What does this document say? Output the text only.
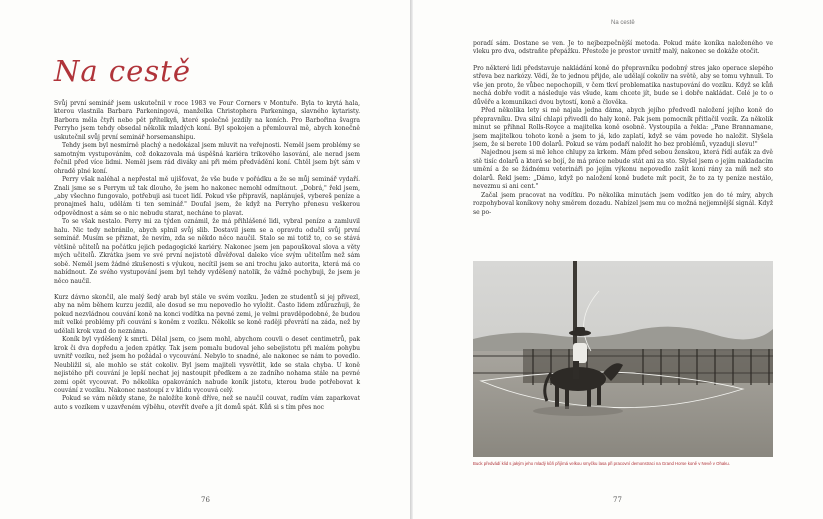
Na cestě

Svůj první seminář jsem uskutečnil v roce 1983 ve Four Corners v Montuře. Byla to krytá hala, kterou vlastnila Barbara Parkeningová, manželka Christophera Parkeninga, slavného kytaristy. Barbora měla čtyři nebo pět přítelkyň, které společně jezdily na koních. Pro Barbořina švagra Perryho jsem tehdy obsedal několik mladých koní. Byl spokojen a přemlouval mě, abych konečně uskutečnil svůj první seminář horsemanshipu.

Tehdy jsem byl nesmírně plachý a nedokázal jsem mluvit na veřejnosti. Neměl jsem problémy se samotným vystupováním, což dokazovala má úspěšná kariéra trikového lasování, ale nerad jsem řečnil před více lidmi. Neměl jsem rád diváky ani při mém předvádění koní. Chtěl jsem být sám v ohradě plné koní.

Perry však naléhal a nepřestal mě ujišťovat, že vše bude v pořádku a že se můj seminář vydaří. Znali jsme se s Perrym už tak dlouho, že jsem ho nakonec nemohl odmítnout. „Dobrá," řekl jsem, „aby všechno fungovalo, potřebuji asi tucet lidí. Pokud vše připravíš, naplánuješ, vybereš peníze a pronajmeš halu, udělám ti ten seminář." Doufal jsem, že když na Perryho přenesu veškerou odpovědnost a sám se o nic nebudu starat, necháne to plavat.

To se však nestalo. Perry mi za týden oznámil, že má přihlášené lidi, vybral peníze a zamluvil halu. Nic tedy nebránilo, abych splnil svůj slib. Dostavil jsem se a opravdu odučil svůj první seminář. Musím se přiznat, že nevím, zda se někdo něco naučil. Stalo se mi totiž to, co se stává většině učitelů na počátku jejich pedagogické kariéry. Nakonec jsem jen papouškoval slova a věty mých učitelů. Zkrátka jsem ve své první nejistotě důvěřoval daleko více svým učitelům než sám sobě. Neměl jsem žádné zkušenosti s výukou, necítil jsem se ani trochu jako autorita, která má co nabídnout. Ze svého vystupování jsem byl tehdy vyděšený natolik, že vážně pochybuji, že jsem je něco naučil.

Kurz dávno skončil, ale malý šedý arab byl stále ve svém vozíku. Jeden ze studentů si jej přivezl, aby na něm během kurzu jezdil, ale dosud se mu nepovedlo ho vyložit. Často lidem zdůrazňuji, že pokud nezvládnou couvání koně na konci vodítka na pevné zemi, je velmi pravděpodobné, že budou mít velké problémy při couvání s koněm z vozíku. Několik se koně raději převrátí na záda, než by udělali krok vzad do neznáma.

Koník byl vyděšený k smrti. Dělal jsem, co jsem mohl, abychom couvli o deset centimetrů, pak krok či dva dopředu a jeden zpátky. Tak jsem pomalu budoval jeho sebejistotu při malém pohybu uvnitř vozíku, než jsem ho požádal o vycouvání. Nebylo to snadné, ale nakonec se nám to povedlo. Neubližil si, ale mohlo se stát cokoliv. Byl jsem majiteli vysvětlit, kde se stala chyba. U koně nejistého při couvání je lepší nechat jej nastoupit předkem a ze zadního nohama stále na pevné zemi opět vycouvat. Po několika opakováních nabude koník jistotu, kterou bude potřebovat k couvání z vozíku. Nakonec nastoupí z v klidu vycouvá celý.

Pokud se vám někdy stane, že naložíte koně dříve, než se naučil couvat, radím vám zaparkovat auto s vozíkem v uzavřeném výběhu, otevřít dveře a jít domů spát. Kůň si s tím přes noc

76
Na cestě

poradí sám. Dostane se ven. Je to nejbezpečnější metoda. Pokud máte koníka naloženého ve vleku pro dva, odstraňte přepážku. Přestože je prostor uvnitř malý, nakonec se dokáže otočit.

Pro některé lidi představuje nakládání koně do přepravníku podobný stres jako operace slepého střeva bez narkózy. Vědí, že to jednou přijde, ale udělají cokoliv na světě, aby se tomu vyhnuli. To vše jen proto, že vůbec nepochopili, v čem tkví problematika nastupování do vozíku. Když se kůň nechá dobře vodit a následuje vás všude, kam chcete jít, bude se i dobře nakládat. Celé je to o důvěře a komunikaci dvou bytostí, koně a člověka.

Před několika lety si mě najala jedna dáma, abych jejího předvedl naložení jejího koně do přepravníku. Dva silní chlapi přivedli do haly koně. Pak jsem pomocník přitlačil vozík. Za několik minut se přihnal Rolls-Royce a majitelka koně osobně. Vystoupila a řekla: „Pane Brannamane, jsem majitelkou tohoto koně a jsem to já, kdo zaplatí, když se vám povede ho naložit. Slyšela jsem, že si berete 100 dolarů. Pokud se vám podaří naložit ho bez problémů, vyzaduji slevu!"

Najednou jsem si mě lehce chlupy za krkem. Mám před sebou ženskou, která řídí auťák za dvě stě tisíc dolarů a která se bojí, že má práce nebude stát ani za sto. Slyšel jsem o jejím nakladacím umění a že se žádnému veterináři po jejím výkonu nepovedlo zašít koni rány za míň než sto dolarů. Řekl jsem: „Dámo, když po naložení koně budete mít pocit, že to za ty peníze nestálo, nevezmu si ani cent."

Začal jsem pracovat na vodítku. Po několika minutách jsem vodítko jen do té míry, abych rozpohyboval koníkovy nohy směrem dozadu. Nabízel jsem mu co možná nejjemnější signál. Když se po-

Buck předvádí klid s jakým jeho mladý kůň přijímá velkou smyčku lasa při pracovní demonstraci na Grand Horse koně v Nevě v Ohaku.
77
